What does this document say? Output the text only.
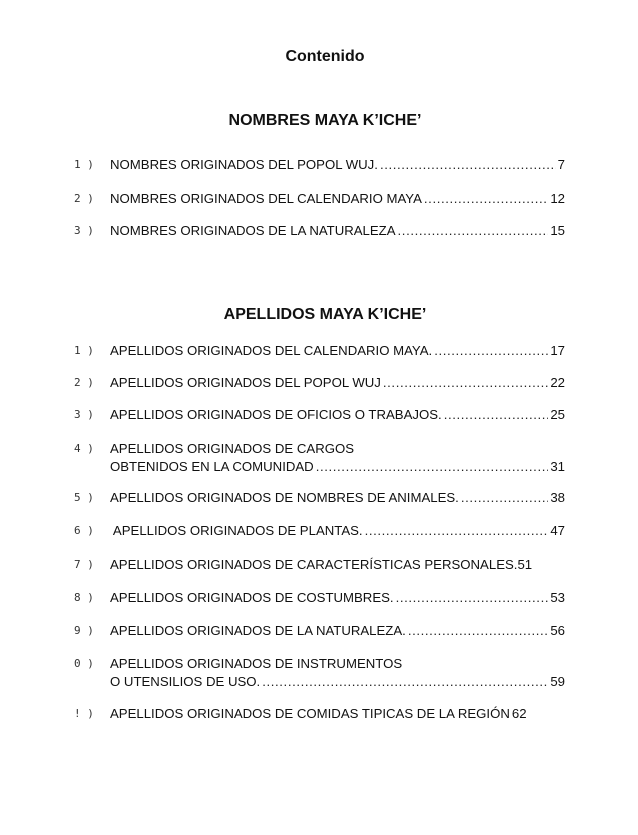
Contenido
NOMBRES MAYA K’ICHE’
1 )	NOMBRES ORIGINADOS DEL POPOL WUJ. .....	7
2 )	NOMBRES ORIGINADOS DEL CALENDARIO MAYA .....	12
3 )	NOMBRES ORIGINADOS DE LA NATURALEZA .....	15
APELLIDOS MAYA K’ICHE’
1 )	APELLIDOS ORIGINADOS DEL CALENDARIO MAYA. .....	17
2 )	APELLIDOS ORIGINADOS DEL POPOL WUJ .....	22
3 )	APELLIDOS ORIGINADOS DE OFICIOS O TRABAJOS. .....	25
4 )	APELLIDOS ORIGINADOS DE CARGOS
OBTENIDOS EN LA COMUNIDAD .....	31
5 )	APELLIDOS ORIGINADOS DE NOMBRES DE ANIMALES. .....	38
6 )	APELLIDOS ORIGINADOS DE PLANTAS. .....	47
7 )	APELLIDOS ORIGINADOS DE CARACTERÍSTICAS PERSONALES. 51
8 )	APELLIDOS ORIGINADOS DE COSTUMBRES. .....	53
9 )	APELLIDOS ORIGINADOS DE LA NATURALEZA. .....	56
0 )	APELLIDOS ORIGINADOS DE INSTRUMENTOS
O UTENSILIOS DE USO. .....	59
! )	APELLIDOS ORIGINADOS DE COMIDAS TIPICAS DE LA REGIÓN 62
